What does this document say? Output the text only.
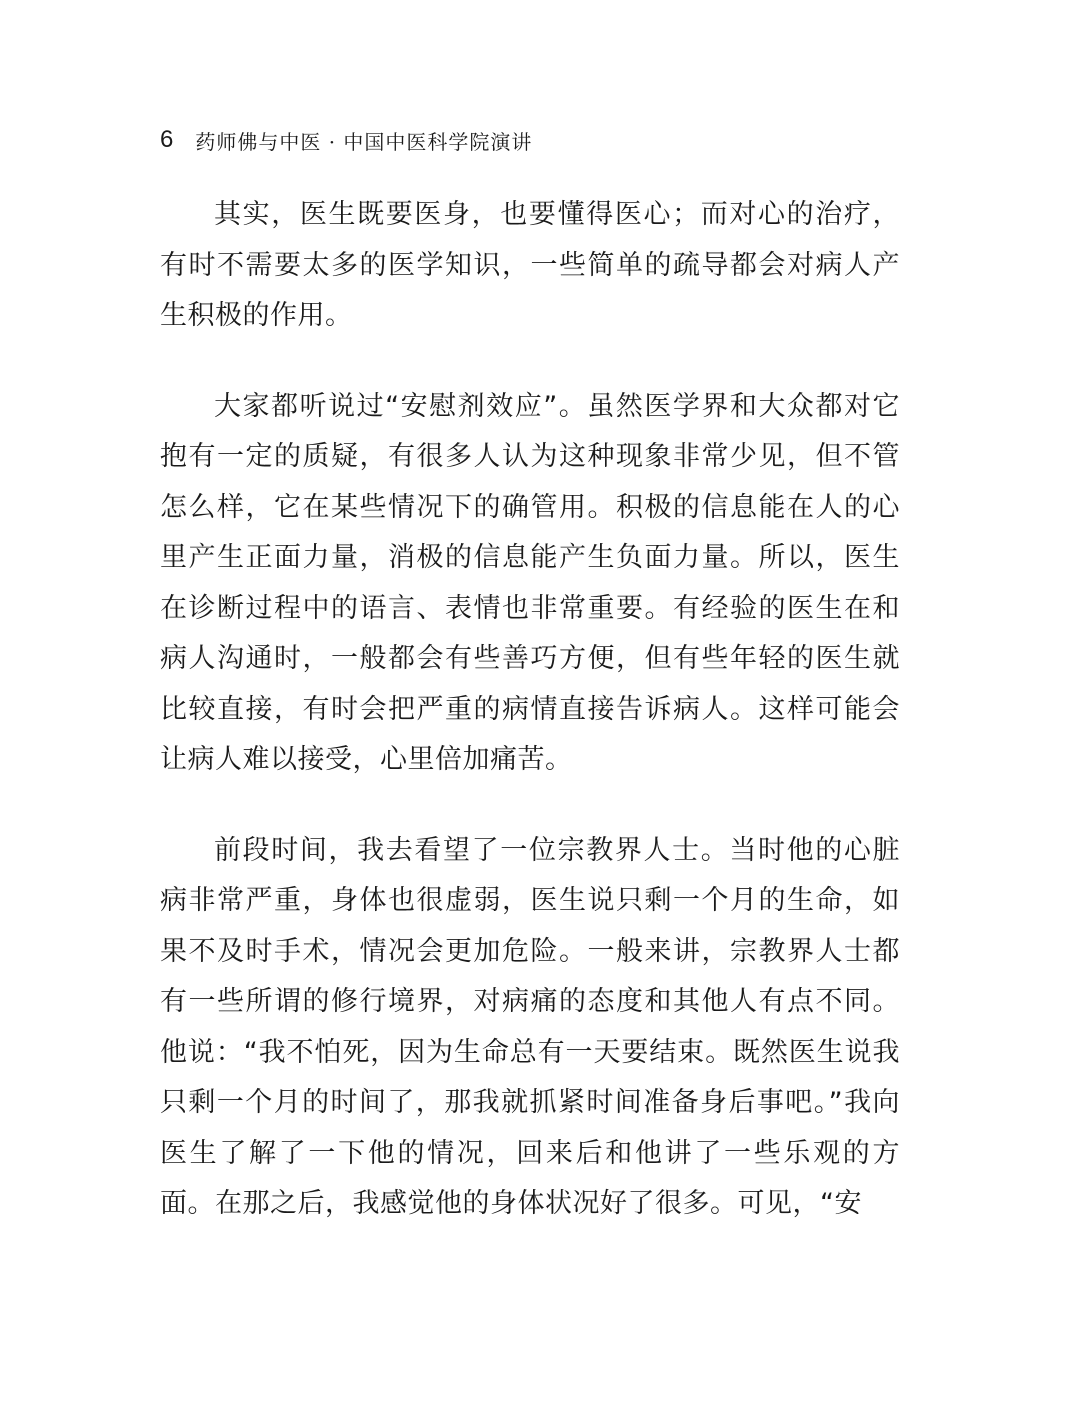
6 药师佛与中医 · 中国中医科学院演讲

其实，医生既要医身，也要懂得医心；而对心的治疗，有时不需要太多的医学知识，一些简单的疏导都会对病人产生积极的作用。

大家都听说过“安慰剂效应”。虽然医学界和大众都对它抱有一定的质疑，有很多人认为这种现象非常少见，但不管怎么样，它在某些情况下的确管用。积极的信息能在人的心里产生正面力量，消极的信息能产生负面力量。所以，医生在诊断过程中的语言、表情也非常重要。有经验的医生在和病人沟通时，一般都会有些善巧方便，但有些年轻的医生就比较直接，有时会把严重的病情直接告诉病人。这样可能会让病人难以接受，心里倍加痛苦。

前段时间，我去看望了一位宗教界人士。当时他的心脏病非常严重，身体也很虚弱，医生说只剩一个月的生命，如果不及时手术，情况会更加危险。一般来讲，宗教界人士都有一些所谓的修行境界，对病痛的态度和其他人有点不同。他说：“我不怕死，因为生命总有一天要结束。既然医生说我只剩一个月的时间了，那我就抓紧时间准备身后事吧。”我向医生了解了一下他的情况，回来后和他讲了一些乐观的方面。在那之后，我感觉他的身体状况好了很多。可见，“安
